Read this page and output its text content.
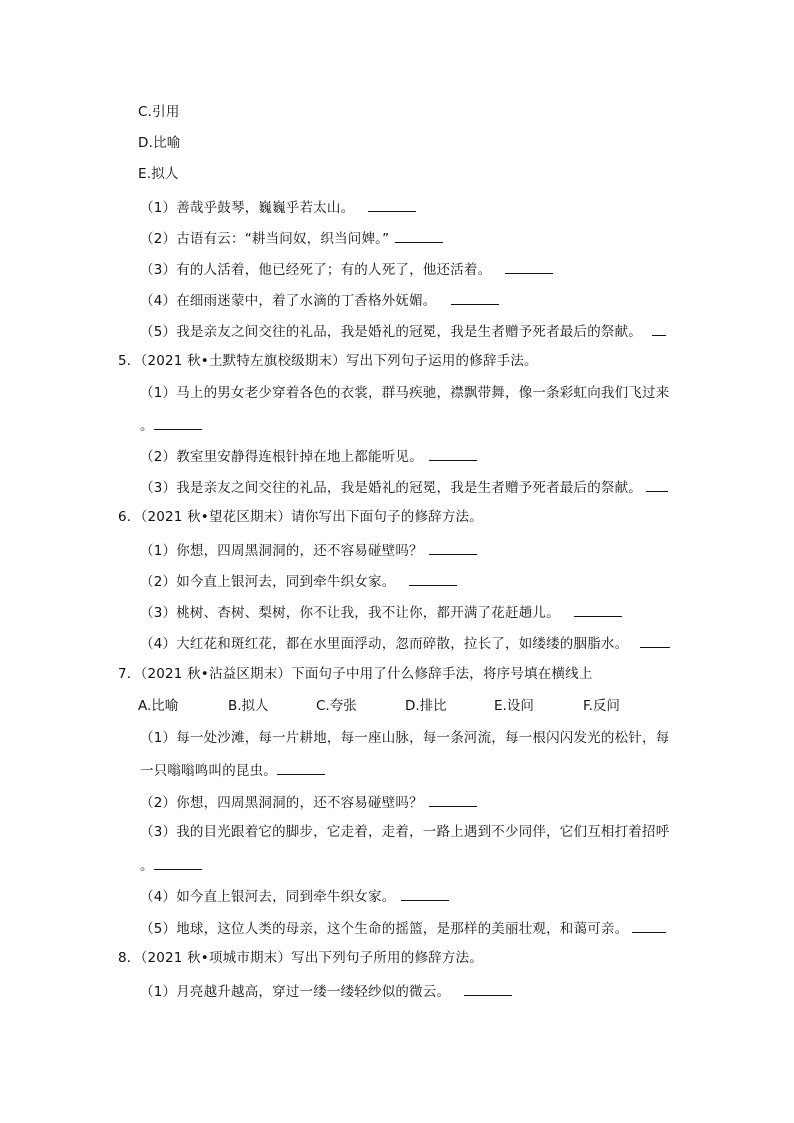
C.引用
D.比喻
E.拟人
（1）善哉乎鼓琴，巍巍乎若太山。
（2）古语有云：“耕当问奴，织当问婢。”
（3）有的人活着，他已经死了；有的人死了，他还活着。
（4）在细雨迷蒙中，着了水滴的丁香格外妩媚。
（5）我是亲友之间交往的礼品，我是婚礼的冠冕，我是生者赠予死者最后的祭献。
5．（2021 秋•土默特左旗校级期末）写出下列句子运用的修辞手法。
（1）马上的男女老少穿着各色的衣裳，群马疾驰，襟飘带舞，像一条彩虹向我们飞过来
。
（2）教室里安静得连根针掉在地上都能听见。
（3）我是亲友之间交往的礼品，我是婚礼的冠冕，我是生者赠予死者最后的祭献。
6．（2021 秋•望花区期末）请你写出下面句子的修辞方法。
（1）你想，四周黑洞洞的，还不容易碰壁吗？
（2）如今直上银河去，同到牵牛织女家。
（3）桃树、杏树、梨树，你不让我，我不让你，都开满了花赶趟儿。
（4）大红花和斑红花，都在水里面浮动，忽而碎散，拉长了，如缕缕的胭脂水。
7．（2021 秋•沾益区期末）下面句子中用了什么修辞手法，将序号填在横线上
A.比喻	B.拟人	C.夸张	D.排比	E.设问	F.反问
（1）每一处沙滩，每一片耕地，每一座山脉，每一条河流，每一根闪闪发光的松针，每
一只嗡嗡鸣叫的昆虫。
（2）你想，四周黑洞洞的，还不容易碰壁吗？
（3）我的目光跟着它的脚步，它走着，走着，一路上遇到不少同伴，它们互相打着招呼
。
（4）如今直上银河去，同到牵牛织女家。
（5）地球，这位人类的母亲，这个生命的摇篮，是那样的美丽壮观，和蔼可亲。
8．（2021 秋•项城市期末）写出下列句子所用的修辞方法。
（1）月亮越升越高，穿过一缕一缕轻纱似的微云。
